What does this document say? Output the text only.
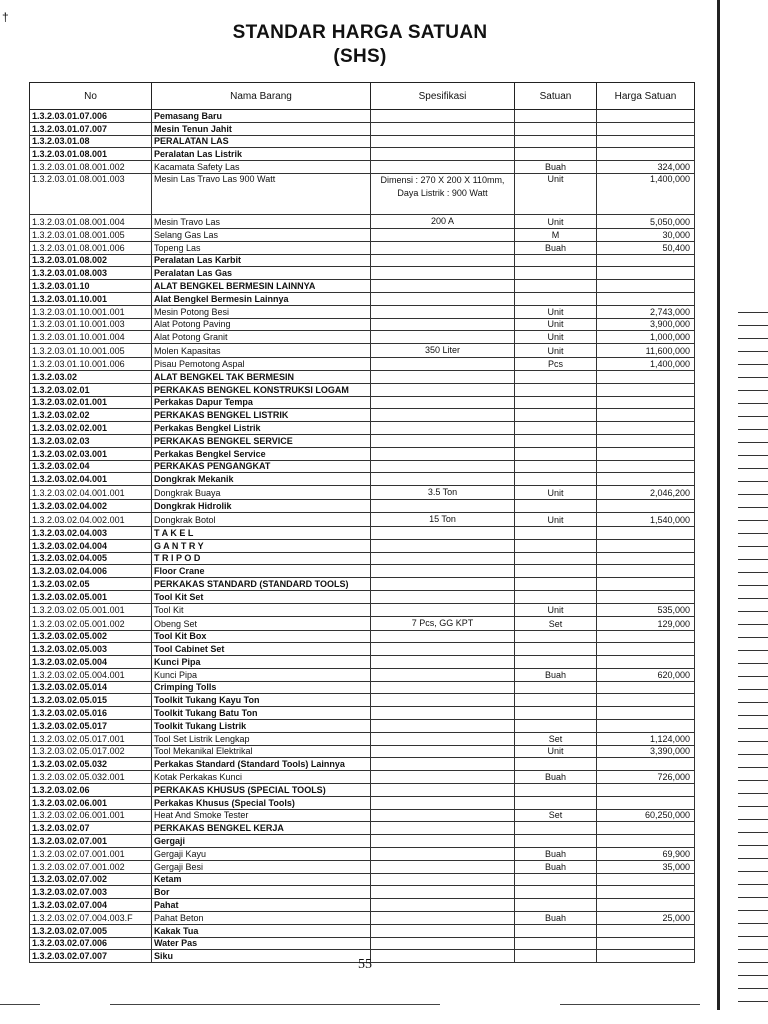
†
STANDAR HARGA SATUAN
(SHS)
No	Nama Barang	Spesifikasi	Satuan	Harga Satuan
1.3.2.03.01.07.006	Pemasang Baru			
1.3.2.03.01.07.007	Mesin Tenun Jahit			
1.3.2.03.01.08	PERALATAN LAS			
1.3.2.03.01.08.001	Peralatan Las Listrik			
1.3.2.03.01.08.001.002	Kacamata Safety Las		Buah	324,000
1.3.2.03.01.08.001.003	Mesin Las Travo Las 900 Watt	Dimensi : 270 X 200 X 110mm, Daya Listrik : 900 Watt	Unit	1,400,000
1.3.2.03.01.08.001.004	Mesin Travo Las	200 A	Unit	5,050,000
1.3.2.03.01.08.001.005	Selang Gas Las		M	30,000
1.3.2.03.01.08.001.006	Topeng Las		Buah	50,400
1.3.2.03.01.08.002	Peralatan Las Karbit			
1.3.2.03.01.08.003	Peralatan Las Gas			
1.3.2.03.01.10	ALAT BENGKEL BERMESIN LAINNYA			
1.3.2.03.01.10.001	Alat Bengkel Bermesin Lainnya			
1.3.2.03.01.10.001.001	Mesin Potong Besi		Unit	2,743,000
1.3.2.03.01.10.001.003	Alat Potong Paving		Unit	3,900,000
1.3.2.03.01.10.001.004	Alat Potong Granit		Unit	1,000,000
1.3.2.03.01.10.001.005	Molen Kapasitas	350 Liter	Unit	11,600,000
1.3.2.03.01.10.001.006	Pisau Pemotong Aspal		Pcs	1,400,000
1.3.2.03.02	ALAT BENGKEL TAK BERMESIN			
1.3.2.03.02.01	PERKAKAS BENGKEL KONSTRUKSI LOGAM			
1.3.2.03.02.01.001	Perkakas Dapur Tempa			
1.3.2.03.02.02	PERKAKAS BENGKEL LISTRIK			
1.3.2.03.02.02.001	Perkakas Bengkel Listrik			
1.3.2.03.02.03	PERKAKAS BENGKEL SERVICE			
1.3.2.03.02.03.001	Perkakas Bengkel Service			
1.3.2.03.02.04	PERKAKAS PENGANGKAT			
1.3.2.03.02.04.001	Dongkrak Mekanik			
1.3.2.03.02.04.001.001	Dongkrak Buaya	3.5 Ton	Unit	2,046,200
1.3.2.03.02.04.002	Dongkrak Hidrolik			
1.3.2.03.02.04.002.001	Dongkrak Botol	15 Ton	Unit	1,540,000
1.3.2.03.02.04.003	T A K E L			
1.3.2.03.02.04.004	G A N T R Y			
1.3.2.03.02.04.005	T R I P O D			
1.3.2.03.02.04.006	Floor Crane			
1.3.2.03.02.05	PERKAKAS STANDARD (STANDARD TOOLS)			
1.3.2.03.02.05.001	Tool Kit Set			
1.3.2.03.02.05.001.001	Tool Kit		Unit	535,000
1.3.2.03.02.05.001.002	Obeng Set	7 Pcs, GG KPT	Set	129,000
1.3.2.03.02.05.002	Tool Kit Box			
1.3.2.03.02.05.003	Tool Cabinet Set			
1.3.2.03.02.05.004	Kunci Pipa			
1.3.2.03.02.05.004.001	Kunci Pipa		Buah	620,000
1.3.2.03.02.05.014	Crimping Tolls			
1.3.2.03.02.05.015	Toolkit Tukang Kayu Ton			
1.3.2.03.02.05.016	Toolkit Tukang Batu Ton			
1.3.2.03.02.05.017	Toolkit Tukang Listrik			
1.3.2.03.02.05.017.001	Tool Set Listrik Lengkap		Set	1,124,000
1.3.2.03.02.05.017.002	Tool Mekanikal Elektrikal		Unit	3,390,000
1.3.2.03.02.05.032	Perkakas Standard (Standard Tools) Lainnya			
1.3.2.03.02.05.032.001	Kotak Perkakas Kunci		Buah	726,000
1.3.2.03.02.06	PERKAKAS KHUSUS (SPECIAL TOOLS)			
1.3.2.03.02.06.001	Perkakas Khusus (Special Tools)			
1.3.2.03.02.06.001.001	Heat And Smoke Tester		Set	60,250,000
1.3.2.03.02.07	PERKAKAS BENGKEL KERJA			
1.3.2.03.02.07.001	Gergaji			
1.3.2.03.02.07.001.001	Gergaji Kayu		Buah	69,900
1.3.2.03.02.07.001.002	Gergaji Besi		Buah	35,000
1.3.2.03.02.07.002	Ketam			
1.3.2.03.02.07.003	Bor			
1.3.2.03.02.07.004	Pahat			
1.3.2.03.02.07.004.003.F	Pahat Beton		Buah	25,000
1.3.2.03.02.07.005	Kakak Tua			
1.3.2.03.02.07.006	Water Pas			
1.3.2.03.02.07.007	Siku			
55
